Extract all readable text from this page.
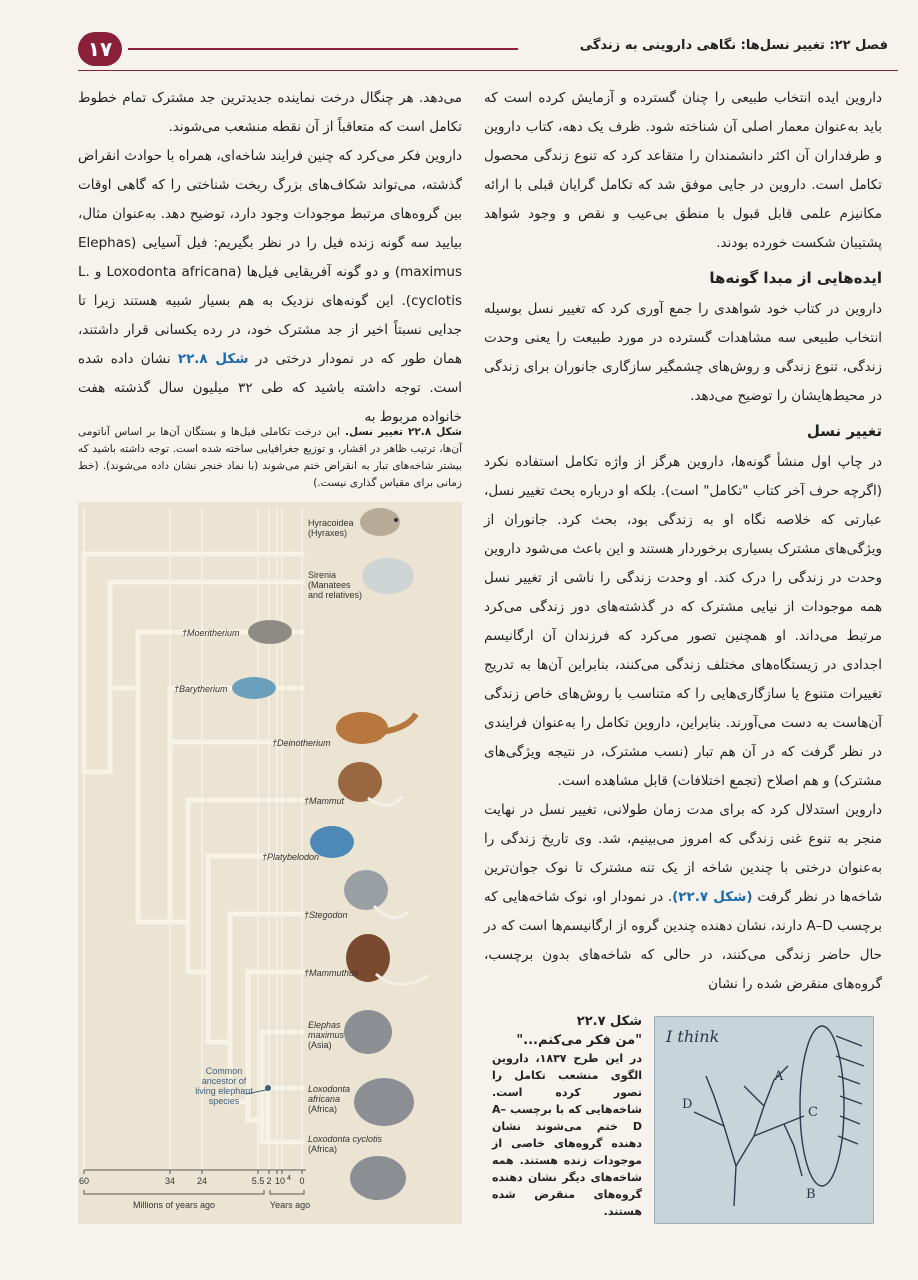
۱۷	فصل ۲۲: تغییر نسل‌ها: نگاهی داروینی به زندگی

داروین ایده انتخاب طبیعی را چنان گسترده و آزمایش کرده است که باید به‌عنوان معمار اصلی آن شناخته شود. ظرف یک دهه، کتاب داروین و طرفداران آن اکثر دانشمندان را متقاعد کرد که تنوع زندگی محصول تکامل است. داروین در جایی موفق شد که تکامل گرایان قبلی با ارائه مکانیزم علمی قابل قبول با منطق بی‌عیب و نقص و وجود شواهد پشتیبان شکست خورده بودند.

ایده‌هایی از مبدا گونه‌ها

داروین در کتاب خود شواهدی را جمع آوری کرد که تغییر نسل بوسیله انتخاب طبیعی سه مشاهدات گسترده در مورد طبیعت را یعنی وحدت زندگی، تنوع زندگی و روش‌های چشمگیر سازگاری جانوران برای زندگی در محیط‌هایشان را توضیح می‌دهد.

تغییر نسل

در چاپ اول منشأ گونه‌ها، داروین هرگز از واژه تکامل استفاده نکرد (اگرچه حرف آخر کتاب "تکامل" است). بلکه او درباره بحث تغییر نسل، عبارتی که خلاصه نگاه او به زندگی بود، بحث کرد. جانوران از ویژگی‌های مشترک بسیاری برخوردار هستند و این باعث می‌شود داروین وحدت در زندگی را درک کند. او وحدت زندگی را ناشی از تغییر نسل همه موجودات از نیایی مشترک که در گذشته‌های دور زندگی می‌کرد مرتبط می‌داند. او همچنین تصور می‌کرد که فرزندان آن ارگانیسم اجدادی در زیستگاه‌های مختلف زندگی می‌کنند، بنابراین آن‌ها به تدریج تغییرات متنوع یا سازگاری‌هایی را که متناسب با روش‌های خاص زندگی آن‌هاست به دست می‌آورند. بنابراین، داروین تکامل را به‌عنوان فرایندی در نظر گرفت که در آن هم تبار (نسب مشترک، در نتیجه ویژگی‌های مشترک) و هم اصلاح (تجمع اختلافات) قابل مشاهده است.

داروین استدلال کرد که برای مدت زمان طولانی، تغییر نسل در نهایت منجر به تنوع غنی زندگی که امروز می‌بینیم، شد. وی تاریخ زندگی را به‌عنوان درختی با چندین شاخه از یک تنه مشترک تا نوک جوان‌ترین شاخه‌ها در نظر گرفت (شکل ۲۲.۷). در نمودار او، نوک شاخه‌هایی که برچسب A–D دارند، نشان دهنده چندین گروه از ارگانیسم‌ها است که در حال حاضر زندگی می‌کنند، در حالی که شاخه‌های بدون برچسب، گروه‌های منقرض شده را نشان

می‌دهد. هر چنگال درخت نماینده جدیدترین جد مشترک تمام خطوط تکامل است که متعاقباً از آن نقطه منشعب می‌شوند.

داروین فکر می‌کرد که چنین فرایند شاخه‌ای، همراه با حوادث انقراض گذشته، می‌تواند شکاف‌های بزرگ ریخت شناختی را که گاهی اوقات بین گروه‌های مرتبط موجودات وجود دارد، توضیح دهد. به‌عنوان مثال، بیایید سه گونه زنده فیل را در نظر بگیریم: فیل آسیایی (Elephas maximus) و دو گونه آفریقایی فیل‌ها (Loxodonta africana و L. cyclotis). این گونه‌های نزدیک به هم بسیار شبیه هستند زیرا تا جدایی نسبتاً اخیر از جد مشترک خود، در رده یکسانی قرار داشتند، همان طور که در نمودار درختی در شکل ۲۲.۸ نشان داده شده است. توجه داشته باشید که طی ۳۲ میلیون سال گذشته هفت خانواده مربوط به

شکل ۲۲.۸ تغییر نسل. این درخت تکاملی فیل‌ها و بستگان آن‌ها بر اساس آناتومی آن‌ها، ترتیب ظاهر در اقشار، و توزیع جغرافیایی ساخته شده است. توجه داشته باشید که بیشتر شاخه‌های تبار به انقراض ختم می‌شوند (با نماد خنجر نشان داده می‌شوند). (خط زمانی برای مقیاس گذاری نیست.)
Hyracoidea
(Hyraxes)
Sirenia
(Manatees
and relatives)
†Moeritherium
†Barytherium
†Deinotherium
†Mammut
†Platybelodon
†Stegodon
†Mammuthus
Elephas
maximus
(Asia)
Loxodonta
africana
(Africa)
Loxodonta cyclotis
(Africa)
Common
ancestor of
living elephant
species
60	34 24	5.5 2 10 4 0
Millions of years ago	Years ago
شکل ۲۲.۷
"من فکر می‌کنم..."
در این طرح ۱۸۳۷، داروین الگوی منشعب تکامل را تصور کرده است. شاخه‌هایی که با برچسب A–D ختم می‌شوند نشان دهنده گروه‌های خاصی از موجودات زنده هستند. همه شاخه‌های دیگر نشان دهنده گروه‌های منقرض شده هستند.
I think
A
B
C
D
